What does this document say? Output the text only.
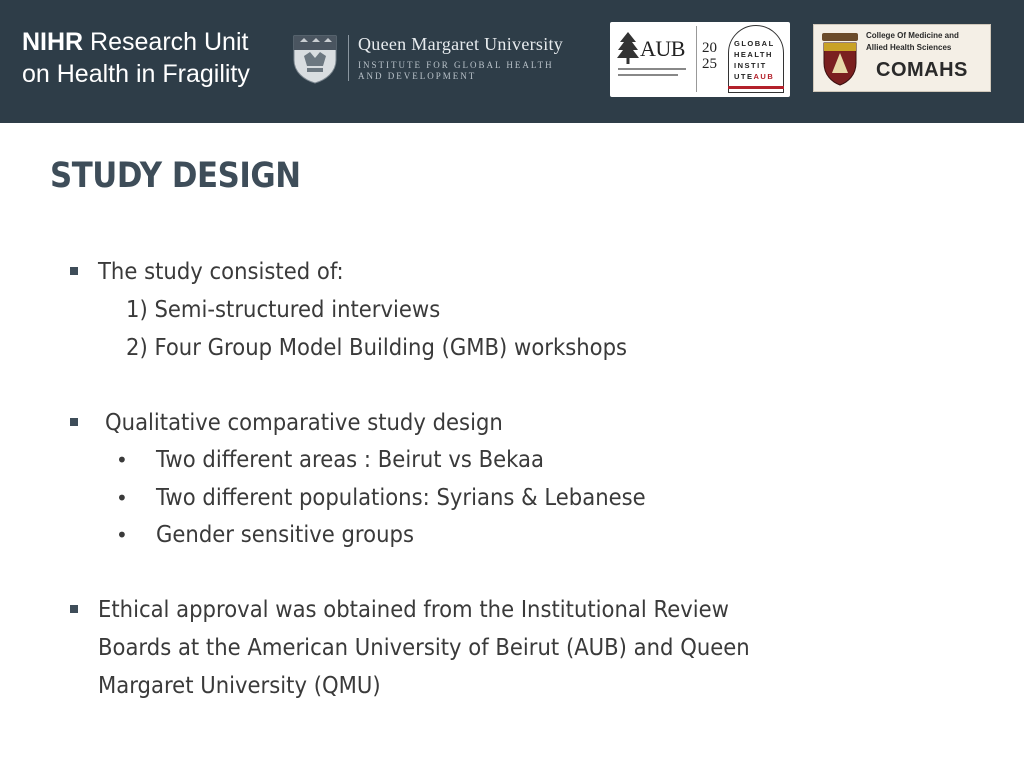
NIHR Research Unit
on Health in Fragility
Queen Margaret University
INSTITUTE FOR GLOBAL HEALTH
AND DEVELOPMENT
AUB 20
25
GLOBAL
HEALTH
INSTIT
UTEAUB
College Of Medicine and
Allied Health Sciences
COMAHS
STUDY DESIGN
The study consisted of:
1) Semi-structured interviews
2) Four Group Model Building (GMB) workshops
Qualitative comparative study design
• Two different areas : Beirut vs Bekaa
• Two different populations: Syrians & Lebanese
• Gender sensitive groups
Ethical approval was obtained from the Institutional Review
Boards at the American University of Beirut (AUB) and Queen
Margaret University (QMU)
